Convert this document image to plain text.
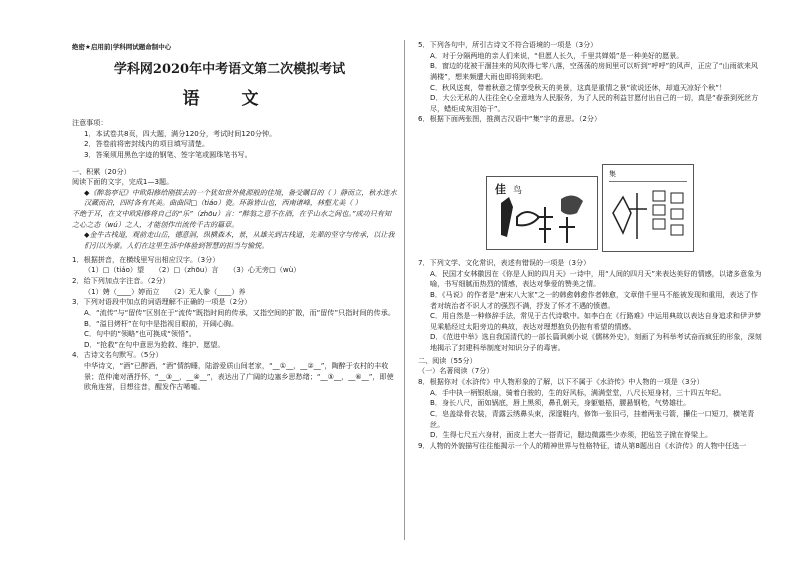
绝密★启用前|学科网试题命制中心
学科网2020年中考语文第二次模拟考试
语 文

注意事项：

1．本试卷共8页，四大题，满分120分，考试时间120分钟。

2．答卷前将密封线内的项目填写清楚。

3．答案须用黑色字迹的钢笔、签字笔或圆珠笔书写。

一、积累（20分）

阅读下面的文字，完成1—3题。

◆《醉翁亭记》中欧阳修给刚拔去的一个犹如世外桃源般的佳境，备受瞩目的（ ）静而立，秋水连水汉藏而泊，四时各有其美。曲曲园□（tiáo）瓷。环滁皆山也，西南诸峰，林壑尤美（ ）

不绝于耳，在文中欧阳修将自己的“乐”（zhōu）言：“醉翁之意不在酒，在乎山水之间也。”成功只有知之心之态（wú）之人，才能创作出流传千古的篇章。

◆金牛古栈道，观前走山岳，德意洞，纵横森木，景，从雄关到古栈道，先辈的坚守与传承，以让我们引以为豪。人们在这里生活中体验到智慧的担当与愉悦。

1．根据拼音，在横线里写出相应汉字。（3分）

（1）□（tiáo）望　　（2）□（zhōu）言　　（3）心无旁□（wù）

2．给下列加点字注音。（2分）

（1）娉（____）婷而立　　（2）无人豢（____）养

3．下列对语段中加点的词语理解不正确的一项是（2分）

A．“流传”与“留传”区别在于“流传”既指时间的传承，又指空间的扩散，而“留传”只指时间的传承。

B．“溢目烤杆”在句中是指视目眼前，开阔心胸。

C．句中的“领略”也可换成“领悟”。

D．“抢救”在句中意思为抢救、维护、愿望。

4．古诗文名句默写。（5分）

中华诗文，“酒”已醉酒，“酒”情韵睡，陆游爱质山间老家，“__①__，__②__”，陶醉于农村的丰收景；范仲淹对酒抒怀，“__③__，__④__”，表达出了广阔的边塞乡思愁绪；“__⑤__，__⑥__”，即使欧角连营，目想往昔，醒发作古唏嘘。

5．下列各句中，所引古诗文不符合语境的一项是（3分）

A．对于分隔两地的亲人们来说，“但愿人长久，千里共婵娟”是一种美好的愿景。

B．窗边的花被干涸挂来的风吹得七零八落，空荡荡的房间里可以听到“呼呼”的风声，正应了“山雨欲来风满楼”，想来频遭大雨也即将到来吧。

C．秋风送爽，带着秋意之情享受秋天的美景，这真是重情之景“欲说还休，却道天凉好个秋”！

D．大公无私的人往往全心全意地为人民服务，为了人民的利益甘愿付出自己的一切，真是“春蚕到死丝方尽，蜡炬成灰泪始干”。

6．根据下面两张图，推测古汉语中“集”字的意思。（2分）

佳 鸟
集

7．下列文学、文化常识，表述有错误的一项是（3分）

A．民国才女林徽因在《你是人间的四月天》一诗中，用“人间的四月天”来表达美好的情感，以诸多意象为喻，书写细腻而热烈的情感，表达对挚爱的赞美之情。

B．《马说》的作者是“唐宋八大家”之一的韩愈韩愈作者韩愈，文章借千里马不能被发现和重用，表达了作者对统治者不识人才的强烈不满，抒发了怀才不遇的愤懑。

C．用自然是一种修辞手法，常见于古代诗歌中。如李白在《行路难》中运用典故以表达自身追求和伊尹梦见乘船经过太阳旁边的典故，表达对理想抱负仍抱有希望的情感。

D．《范进中举》选自我国清代的一部长篇讽刺小说《儒林外史》，刻画了为科举考试奋而疯狂的形象，深刻地揭示了封建科举制度对知识分子的毒害。

二、阅读（55分）

（一）名著阅读（7分）

8．根据你对《水浒传》中人物形象的了解，以下不属于《水浒传》中人物的一项是（3分）

A．手中执一柄银纸扇，骑着白骏的，生的好风标，满满堂堂，八尺长短身材，三十四五年纪。

B．身长八尺，面如锅底，唇上黑须，鼻孔朝天，身躯魁梧，腰悬钢枪，气势雄壮。

C．皂盖绿骨衣装，青露云绣鼻头束，深邃鞋内，修饰一张旧弓，挂着两张弓箭，攥住一口短刀，横笔青丝。

D．生得七尺五六身材，面皮上老大一搭青记，腮边微露些少赤须，把毡笠子掀在脊梁上。

9．人物的外貌描写往往能揭示一个人的精神世界与性格特征，请从第8题出自《水浒传》的人物中任选一
